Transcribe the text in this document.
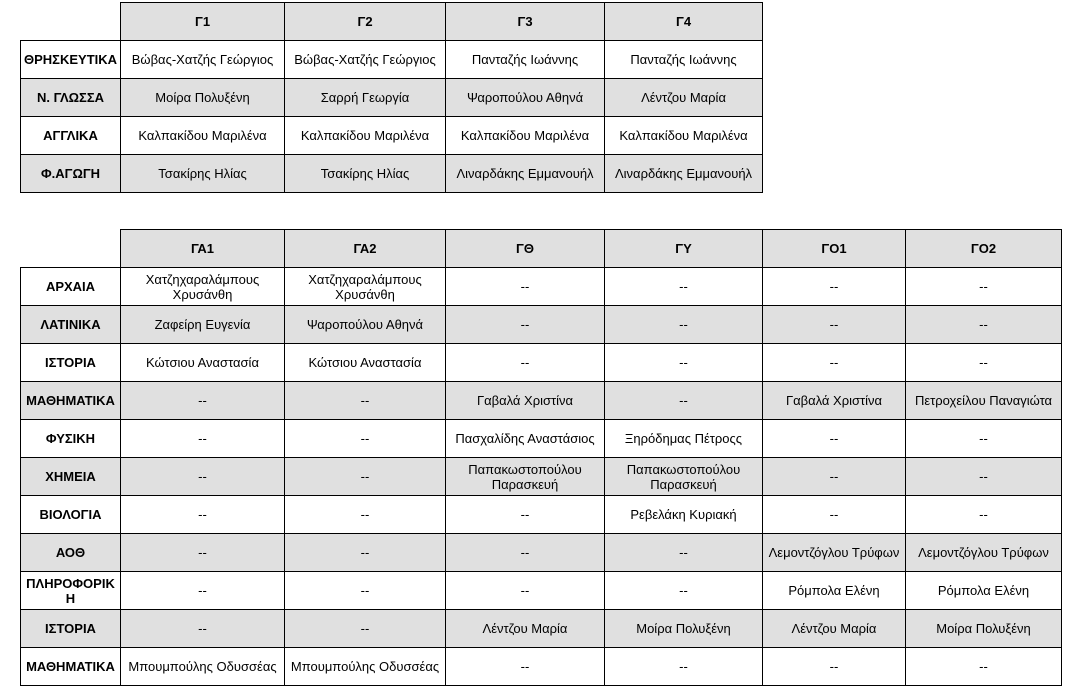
	Γ1	Γ2	Γ3	Γ4
ΘΡΗΣΚΕΥΤΙΚΑ	Βώβας-Χατζής Γεώργιος	Βώβας-Χατζής Γεώργιος	Πανταζής Ιωάννης	Πανταζής Ιωάννης
Ν. ΓΛΩΣΣΑ	Μοίρα Πολυξένη	Σαρρή Γεωργία	Ψαροπούλου Αθηνά	Λέντζου Μαρία
ΑΓΓΛΙΚΑ	Καλπακίδου Μαριλένα	Καλπακίδου Μαριλένα	Καλπακίδου Μαριλένα	Καλπακίδου Μαριλένα
Φ.ΑΓΩΓΗ	Τσακίρης Ηλίας	Τσακίρης Ηλίας	Λιναρδάκης Εμμανουήλ	Λιναρδάκης Εμμανουήλ
	ΓΑ1	ΓΑ2	ΓΘ	ΓΥ	ΓΟ1	ΓΟ2
ΑΡΧΑΙΑ	Χατζηχαραλάμπους Χρυσάνθη	Χατζηχαραλάμπους Χρυσάνθη	--	--	--	--
ΛΑΤΙΝΙΚΑ	Ζαφείρη Ευγενία	Ψαροπούλου Αθηνά	--	--	--	--
ΙΣΤΟΡΙΑ	Κώτσιου Αναστασία	Κώτσιου Αναστασία	--	--	--	--
ΜΑΘΗΜΑΤΙΚΑ	--	--	Γαβαλά Χριστίνα	--	Γαβαλά Χριστίνα	Πετροχείλου Παναγιώτα
ΦΥΣΙΚΗ	--	--	Πασχαλίδης Αναστάσιος	Ξηρόδημας Πέτροςς	--	--
ΧΗΜΕΙΑ	--	--	Παπακωστοπούλου Παρασκευή	Παπακωστοπούλου Παρασκευή	--	--
ΒΙΟΛΟΓΙΑ	--	--	--	Ρεβελάκη Κυριακή	--	--
ΑΟΘ	--	--	--	--	Λεμοντζόγλου Τρύφων	Λεμοντζόγλου Τρύφων
ΠΛΗΡΟΦΟΡΙΚΗ	--	--	--	--	Ρόμπολα Ελένη	Ρόμπολα Ελένη
ΙΣΤΟΡΙΑ	--	--	Λέντζου Μαρία	Μοίρα Πολυξένη	Λέντζου Μαρία	Μοίρα Πολυξένη
ΜΑΘΗΜΑΤΙΚΑ	Μπουμπούλης Οδυσσέας	Μπουμπούλης Οδυσσέας	--	--	--	--
